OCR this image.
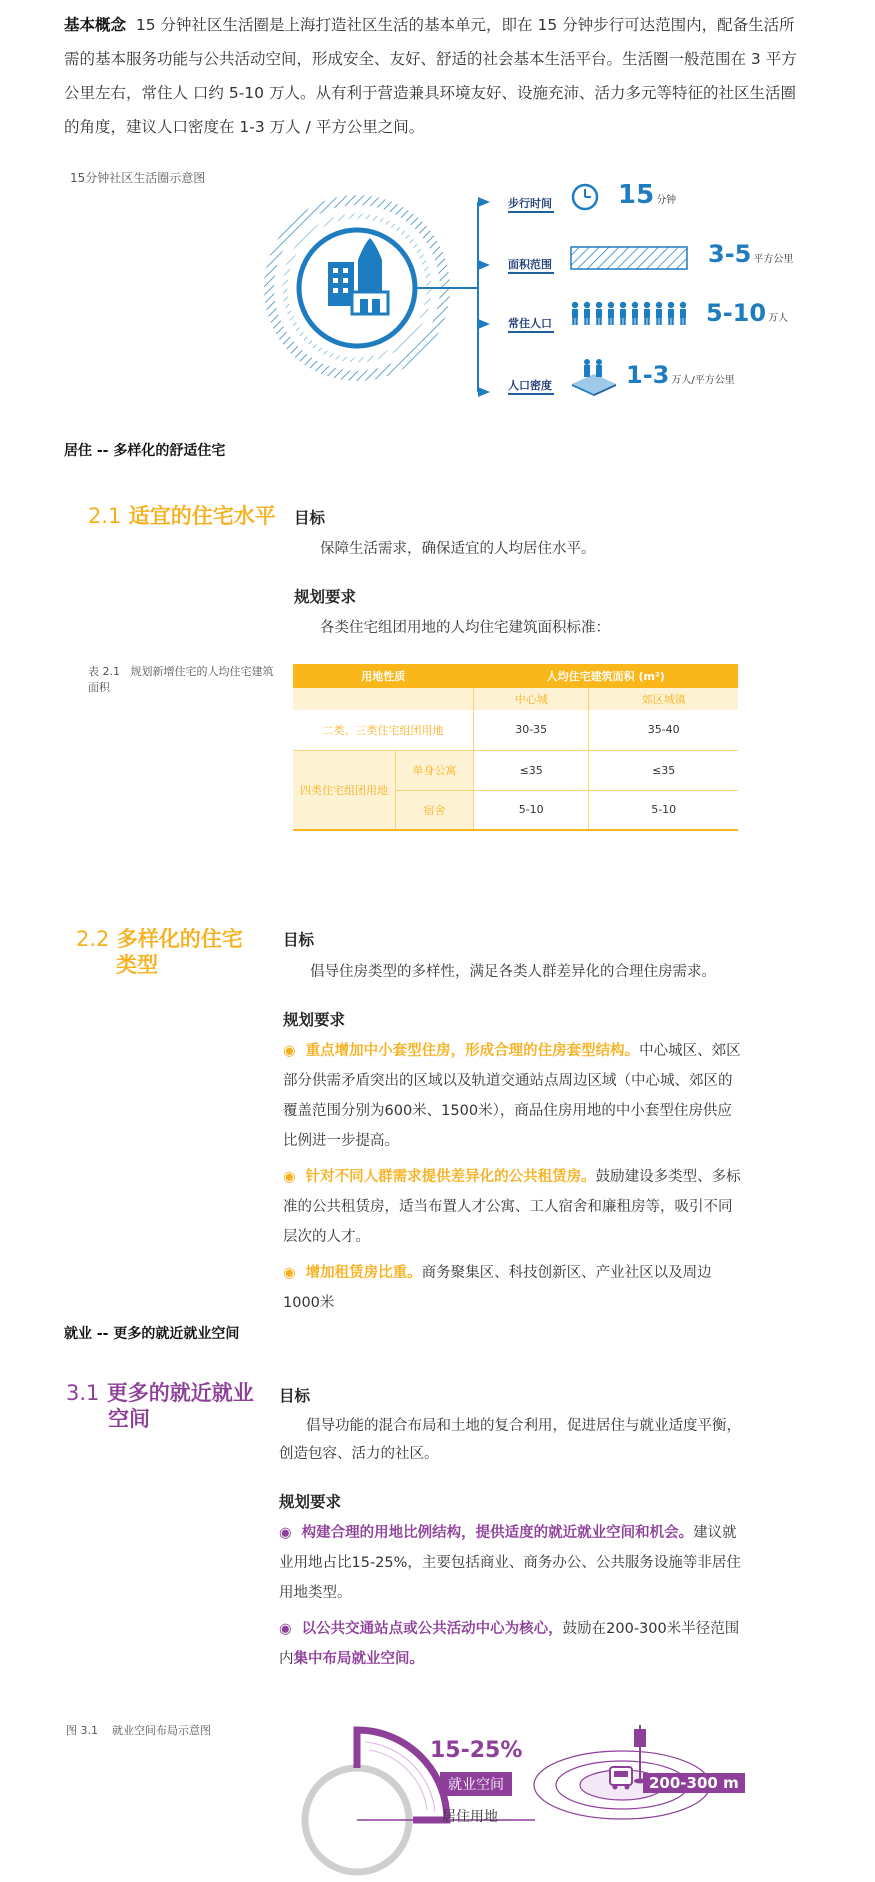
基本概念 15 分钟社区生活圈是上海打造社区生活的基本单元，即在 15 分钟步行可达范围内，配备生活所需的基本服务功能与公共活动空间，形成安全、友好、舒适的社会基本生活平台。生活圈一般范围在 3 平方公里左右，常住人 口约 5-10 万人。从有利于营造兼具环境友好、设施充沛、活力多元等特征的社区生活圈的角度，建议人口密度在 1-3 万人 / 平方公里之间。
15分钟社区生活圈示意图
步行时间	15 分钟
面积范围	3-5 平方公里
常住人口	5-10 万人
人口密度	1-3 万人/平方公里
居住 -- 多样化的舒适住宅
2.1 适宜的住宅水平 目标
保障生活需求，确保适宜的人均居住水平。
规划要求
各类住宅组团用地的人均住宅建筑面积标准：
表 2.1 规划新增住宅的人均住宅建筑面积
用地性质		人均住宅建筑面积 (m²)	
		中心城	郊区城镇
二类、三类住宅组团用地		30-35	35-40
四类住宅组团用地	单身公寓	≤35	≤35
	宿舍	5-10	5-10
2.2 多样化的住宅
类型
目标
倡导住房类型的多样性，满足各类人群差异化的合理住房需求。
规划要求
◉ 重点增加中小套型住房，形成合理的住房套型结构。中心城区、郊区部分供需矛盾突出的区域以及轨道交通站点周边区域（中心城、郊区的覆盖范围分别为600米、1500米），商品住房用地的中小套型住房供应比例进一步提高。
◉ 针对不同人群需求提供差异化的公共租赁房。鼓励建设多类型、多标准的公共租赁房，适当布置人才公寓、工人宿舍和廉租房等，吸引不同层次的人才。
◉ 增加租赁房比重。商务聚集区、科技创新区、产业社区以及周边1000米
就业 -- 更多的就近就业空间
3.1 更多的就近就业
空间
目标
倡导功能的混合布局和土地的复合利用，促进居住与就业适度平衡，创造包容、活力的社区。
规划要求
◉ 构建合理的用地比例结构，提供适度的就近就业空间和机会。建议就业用地占比15-25%，主要包括商业、商务办公、公共服务设施等非居住用地类型。
◉ 以公共交通站点或公共活动中心为核心，鼓励在200-300米半径范围内集中布局就业空间。
图 3.1 就业空间布局示意图
15-25%
就业空间
居住用地
200-300 m
